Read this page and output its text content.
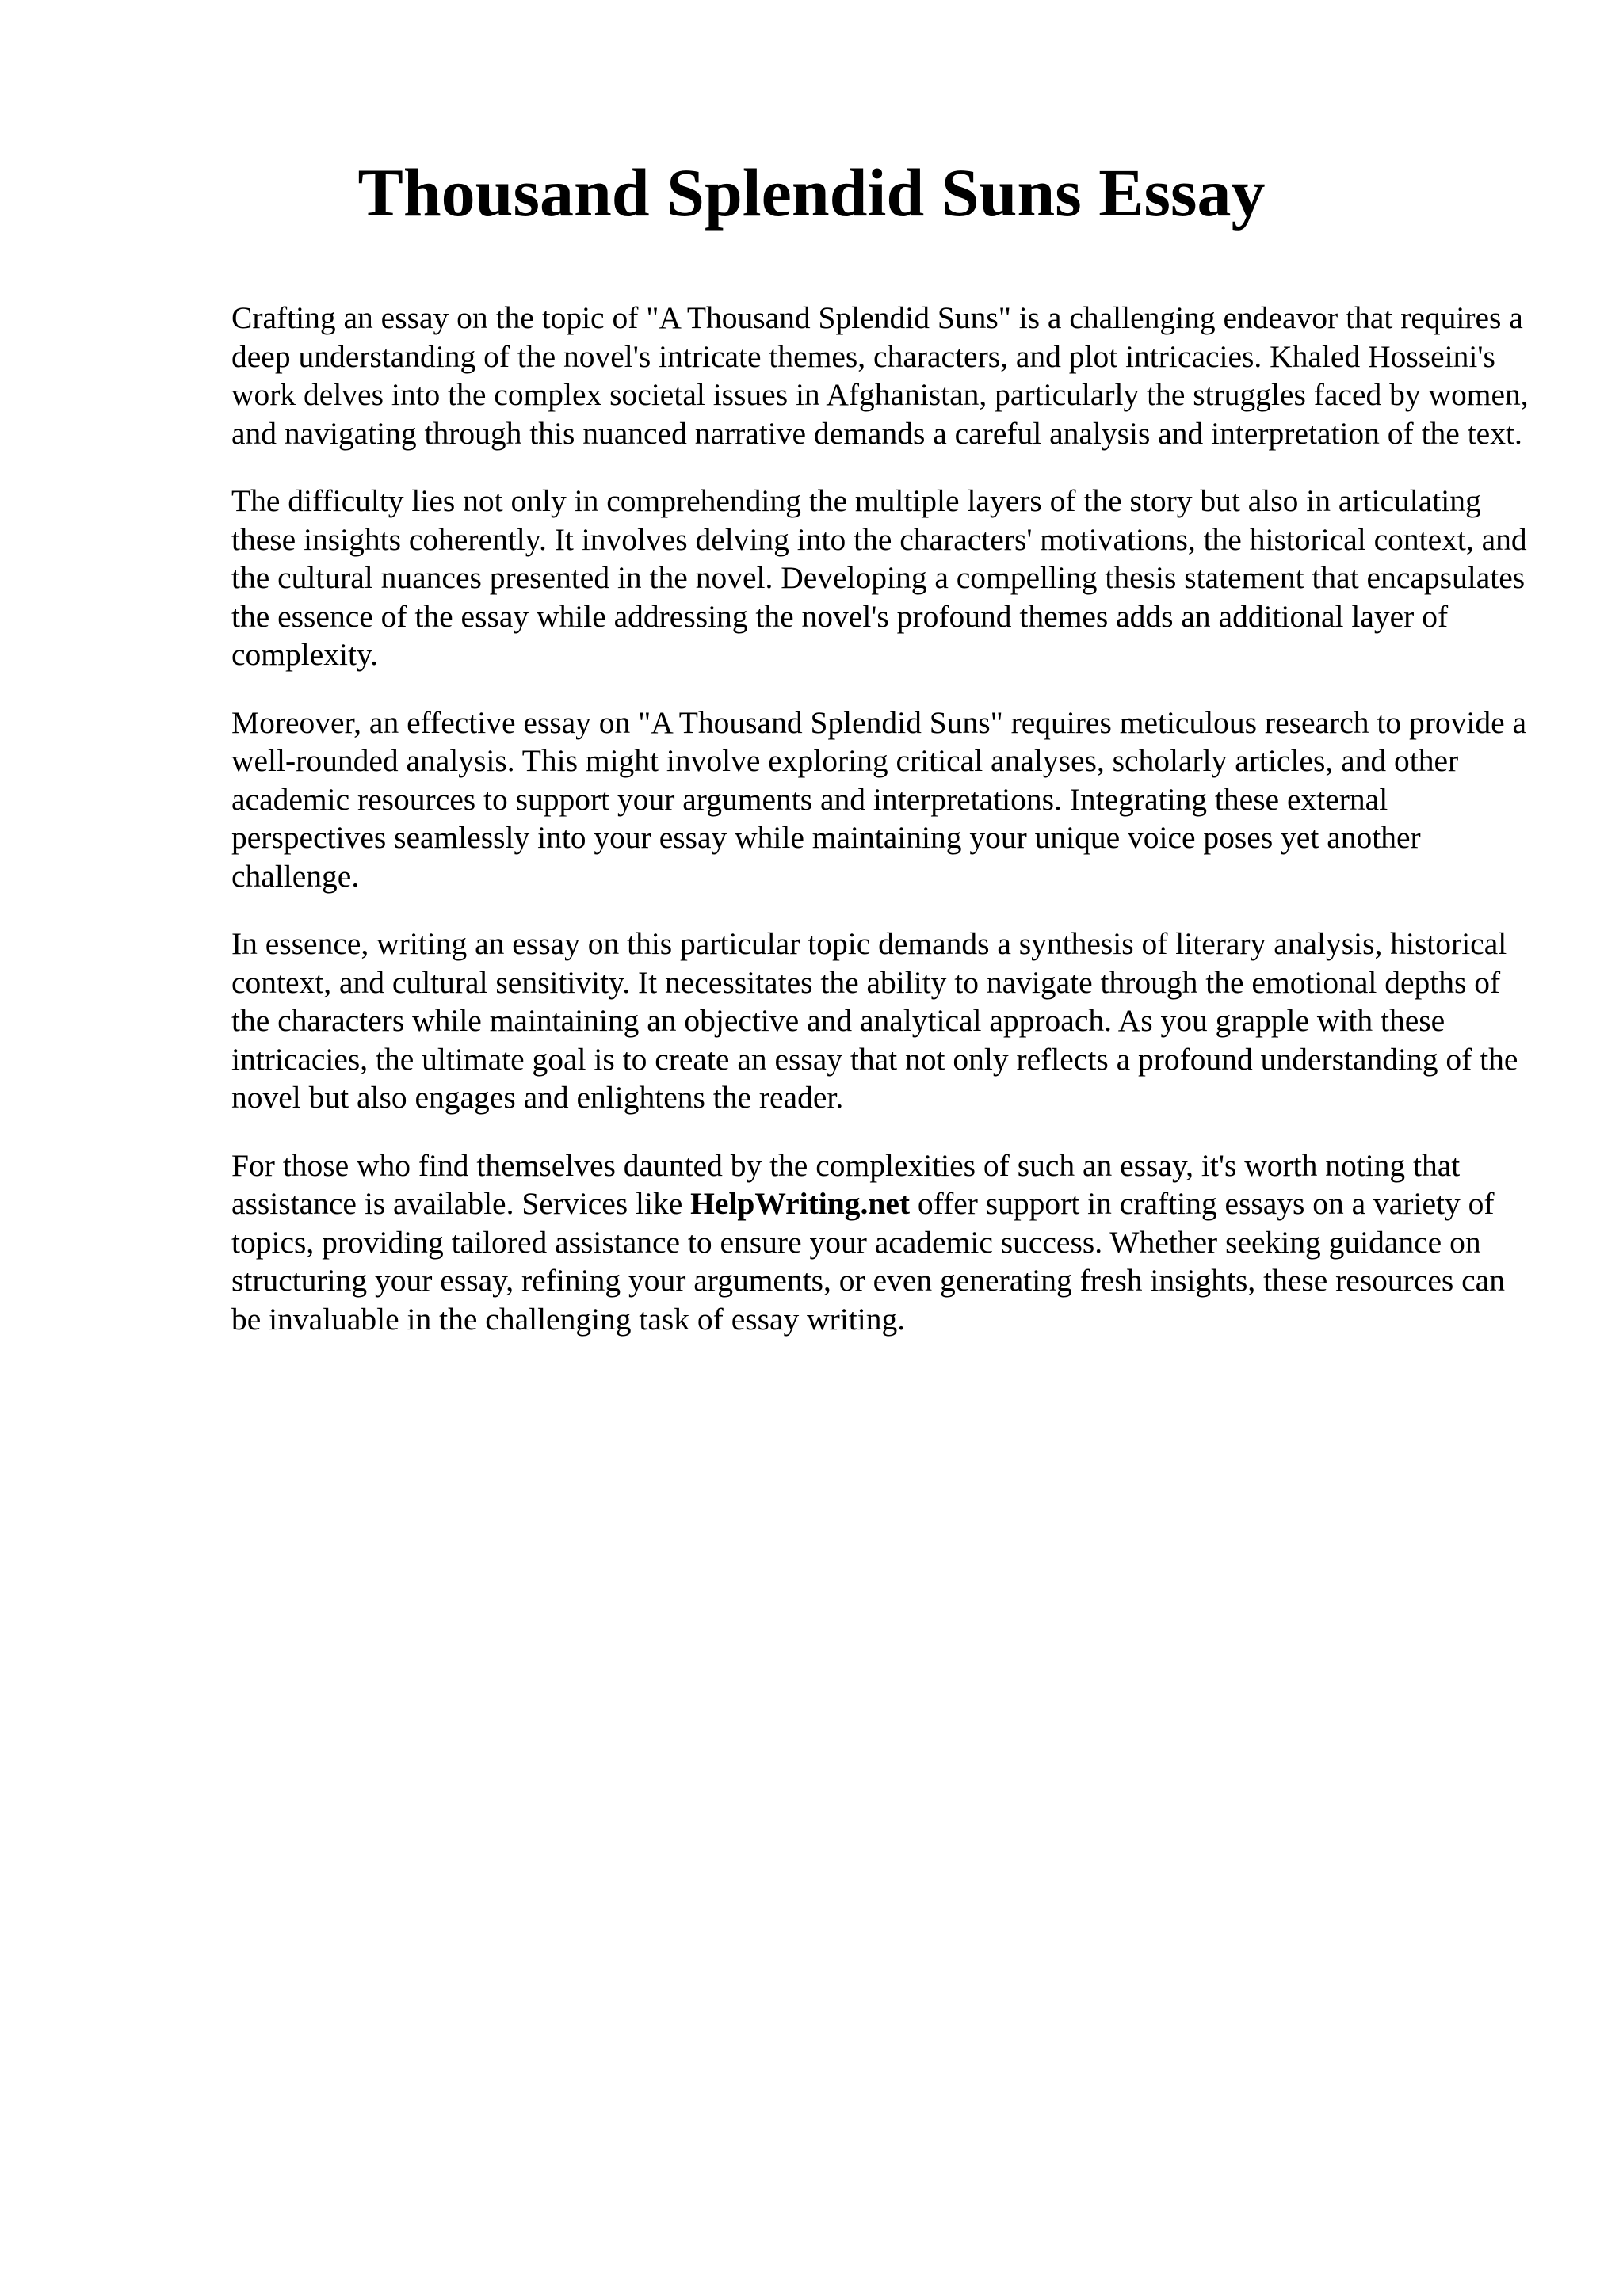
Thousand Splendid Suns Essay

Crafting an essay on the topic of "A Thousand Splendid Suns" is a challenging endeavor that requires a deep understanding of the novel's intricate themes, characters, and plot intricacies. Khaled Hosseini's work delves into the complex societal issues in Afghanistan, particularly the struggles faced by women, and navigating through this nuanced narrative demands a careful analysis and interpretation of the text.

The difficulty lies not only in comprehending the multiple layers of the story but also in articulating these insights coherently. It involves delving into the characters' motivations, the historical context, and the cultural nuances presented in the novel. Developing a compelling thesis statement that encapsulates the essence of the essay while addressing the novel's profound themes adds an additional layer of complexity.

Moreover, an effective essay on "A Thousand Splendid Suns" requires meticulous research to provide a well-rounded analysis. This might involve exploring critical analyses, scholarly articles, and other academic resources to support your arguments and interpretations. Integrating these external perspectives seamlessly into your essay while maintaining your unique voice poses yet another challenge.

In essence, writing an essay on this particular topic demands a synthesis of literary analysis, historical context, and cultural sensitivity. It necessitates the ability to navigate through the emotional depths of the characters while maintaining an objective and analytical approach. As you grapple with these intricacies, the ultimate goal is to create an essay that not only reflects a profound understanding of the novel but also engages and enlightens the reader.

For those who find themselves daunted by the complexities of such an essay, it's worth noting that assistance is available. Services like HelpWriting.net offer support in crafting essays on a variety of topics, providing tailored assistance to ensure your academic success. Whether seeking guidance on structuring your essay, refining your arguments, or even generating fresh insights, these resources can be invaluable in the challenging task of essay writing.
